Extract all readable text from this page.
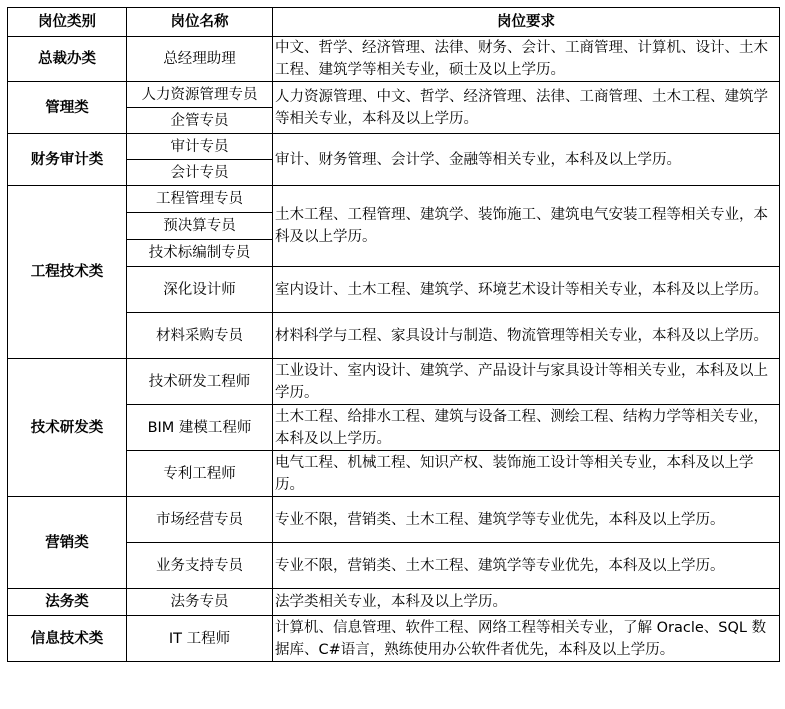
岗位类别	岗位名称	岗位要求
总裁办类	总经理助理	中文、哲学、经济管理、法律、财务、会计、工商管理、计算机、设计、土木工程、建筑学等相关专业，硕士及以上学历。
管理类	人力资源管理专员	人力资源管理、中文、哲学、经济管理、法律、工商管理、土木工程、建筑学等相关专业，本科及以上学历。
	企管专员	
财务审计类	审计专员	审计、财务管理、会计学、金融等相关专业，本科及以上学历。
	会计专员	
工程技术类	工程管理专员	土木工程、工程管理、建筑学、装饰施工、建筑电气安装工程等相关专业，本科及以上学历。
	预决算专员	
	技术标编制专员	
	深化设计师	室内设计、土木工程、建筑学、环境艺术设计等相关专业，本科及以上学历。
	材料采购专员	材料科学与工程、家具设计与制造、物流管理等相关专业，本科及以上学历。
技术研发类	技术研发工程师	工业设计、室内设计、建筑学、产品设计与家具设计等相关专业，本科及以上学历。
	BIM 建模工程师	土木工程、给排水工程、建筑与设备工程、测绘工程、结构力学等相关专业，本科及以上学历。
	专利工程师	电气工程、机械工程、知识产权、装饰施工设计等相关专业，本科及以上学历。
营销类	市场经营专员	专业不限，营销类、土木工程、建筑学等专业优先，本科及以上学历。
	业务支持专员	专业不限，营销类、土木工程、建筑学等专业优先，本科及以上学历。
法务类	法务专员	法学类相关专业，本科及以上学历。
信息技术类	IT 工程师	计算机、信息管理、软件工程、网络工程等相关专业，了解 Oracle、SQL 数据库、C#语言，熟练使用办公软件者优先，本科及以上学历。
